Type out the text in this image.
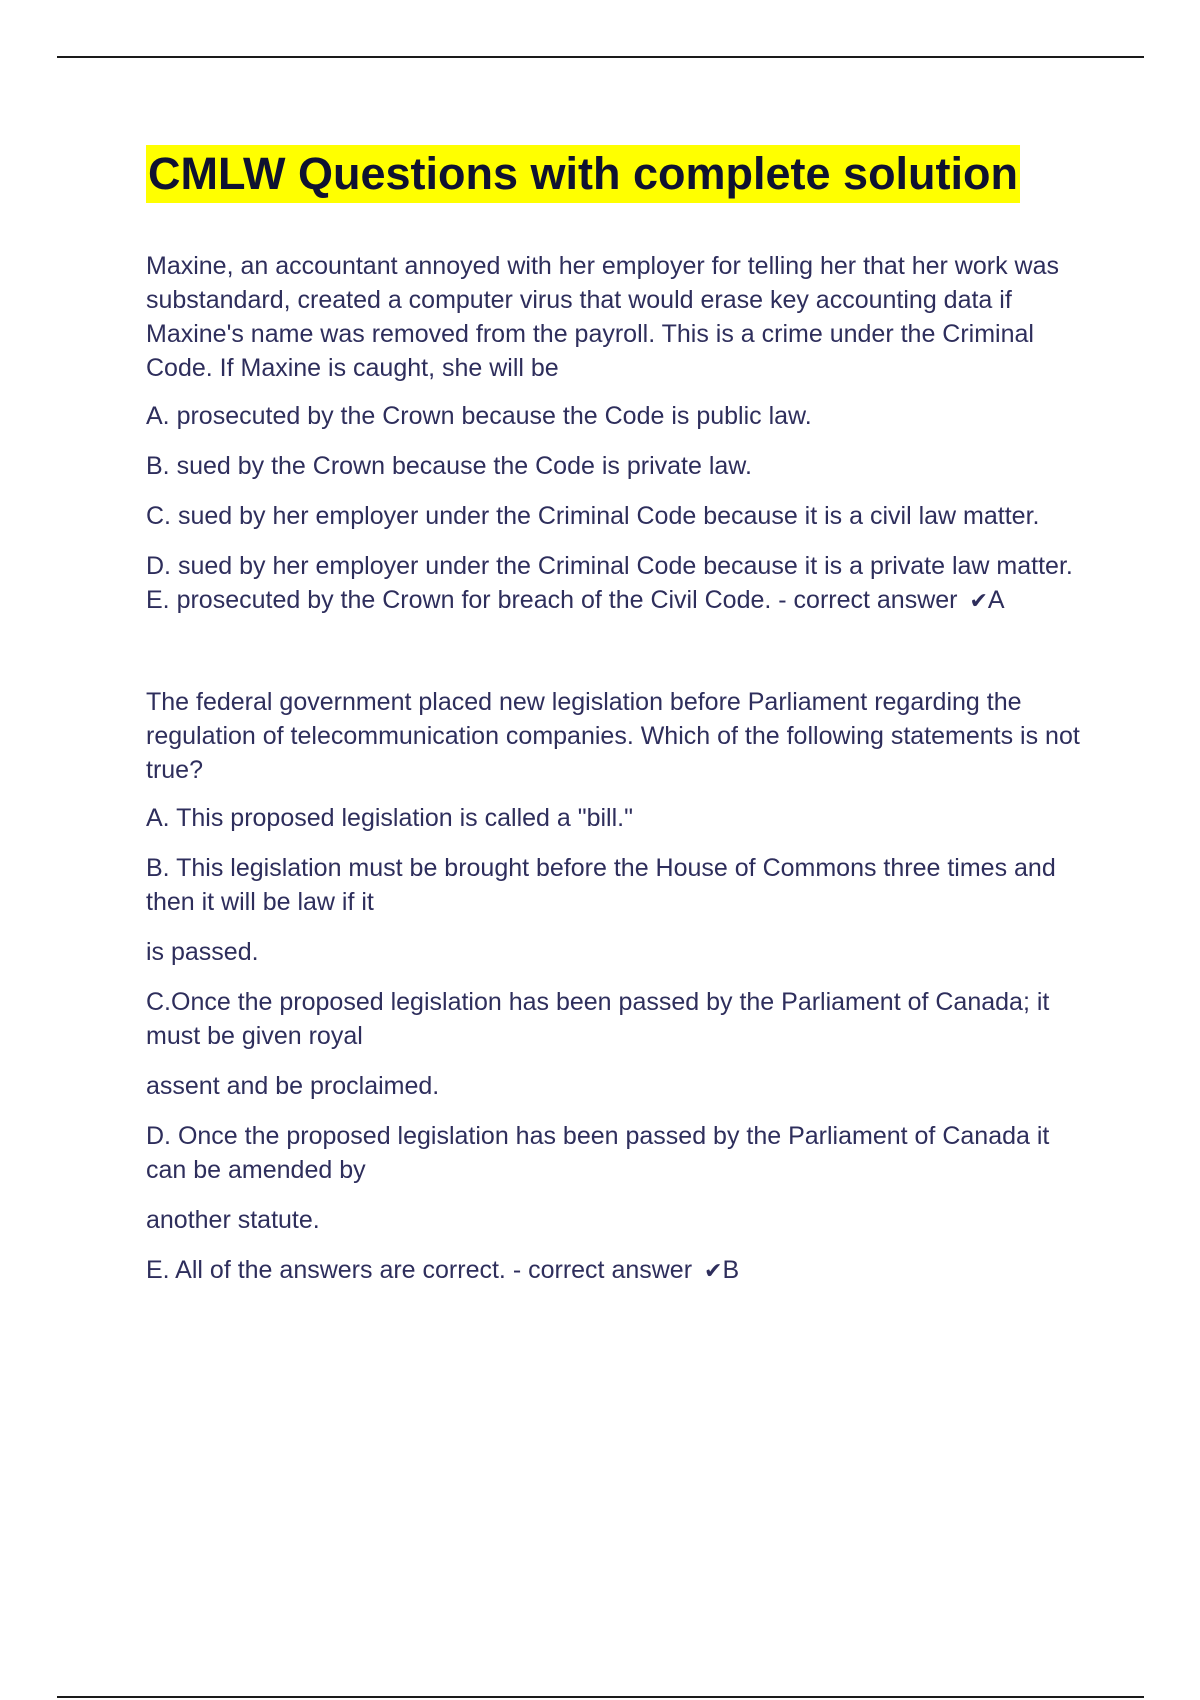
CMLW Questions with complete solution

Maxine, an accountant annoyed with her employer for telling her that her work was substandard, created a computer virus that would erase key accounting data if Maxine's name was removed from the payroll. This is a crime under the Criminal Code. If Maxine is caught, she will be

A. prosecuted by the Crown because the Code is public law.

B. sued by the Crown because the Code is private law.

C. sued by her employer under the Criminal Code because it is a civil law matter.

D. sued by her employer under the Criminal Code because it is a private law matter. E. prosecuted by the Crown for breach of the Civil Code. - correct answer ✔A

The federal government placed new legislation before Parliament regarding the regulation of telecommunication companies. Which of the following statements is not true?

A. This proposed legislation is called a "bill."

B. This legislation must be brought before the House of Commons three times and then it will be law if it

is passed.

C.Once the proposed legislation has been passed by the Parliament of Canada; it must be given royal

assent and be proclaimed.

D. Once the proposed legislation has been passed by the Parliament of Canada it can be amended by

another statute.

E. All of the answers are correct. - correct answer ✔B
